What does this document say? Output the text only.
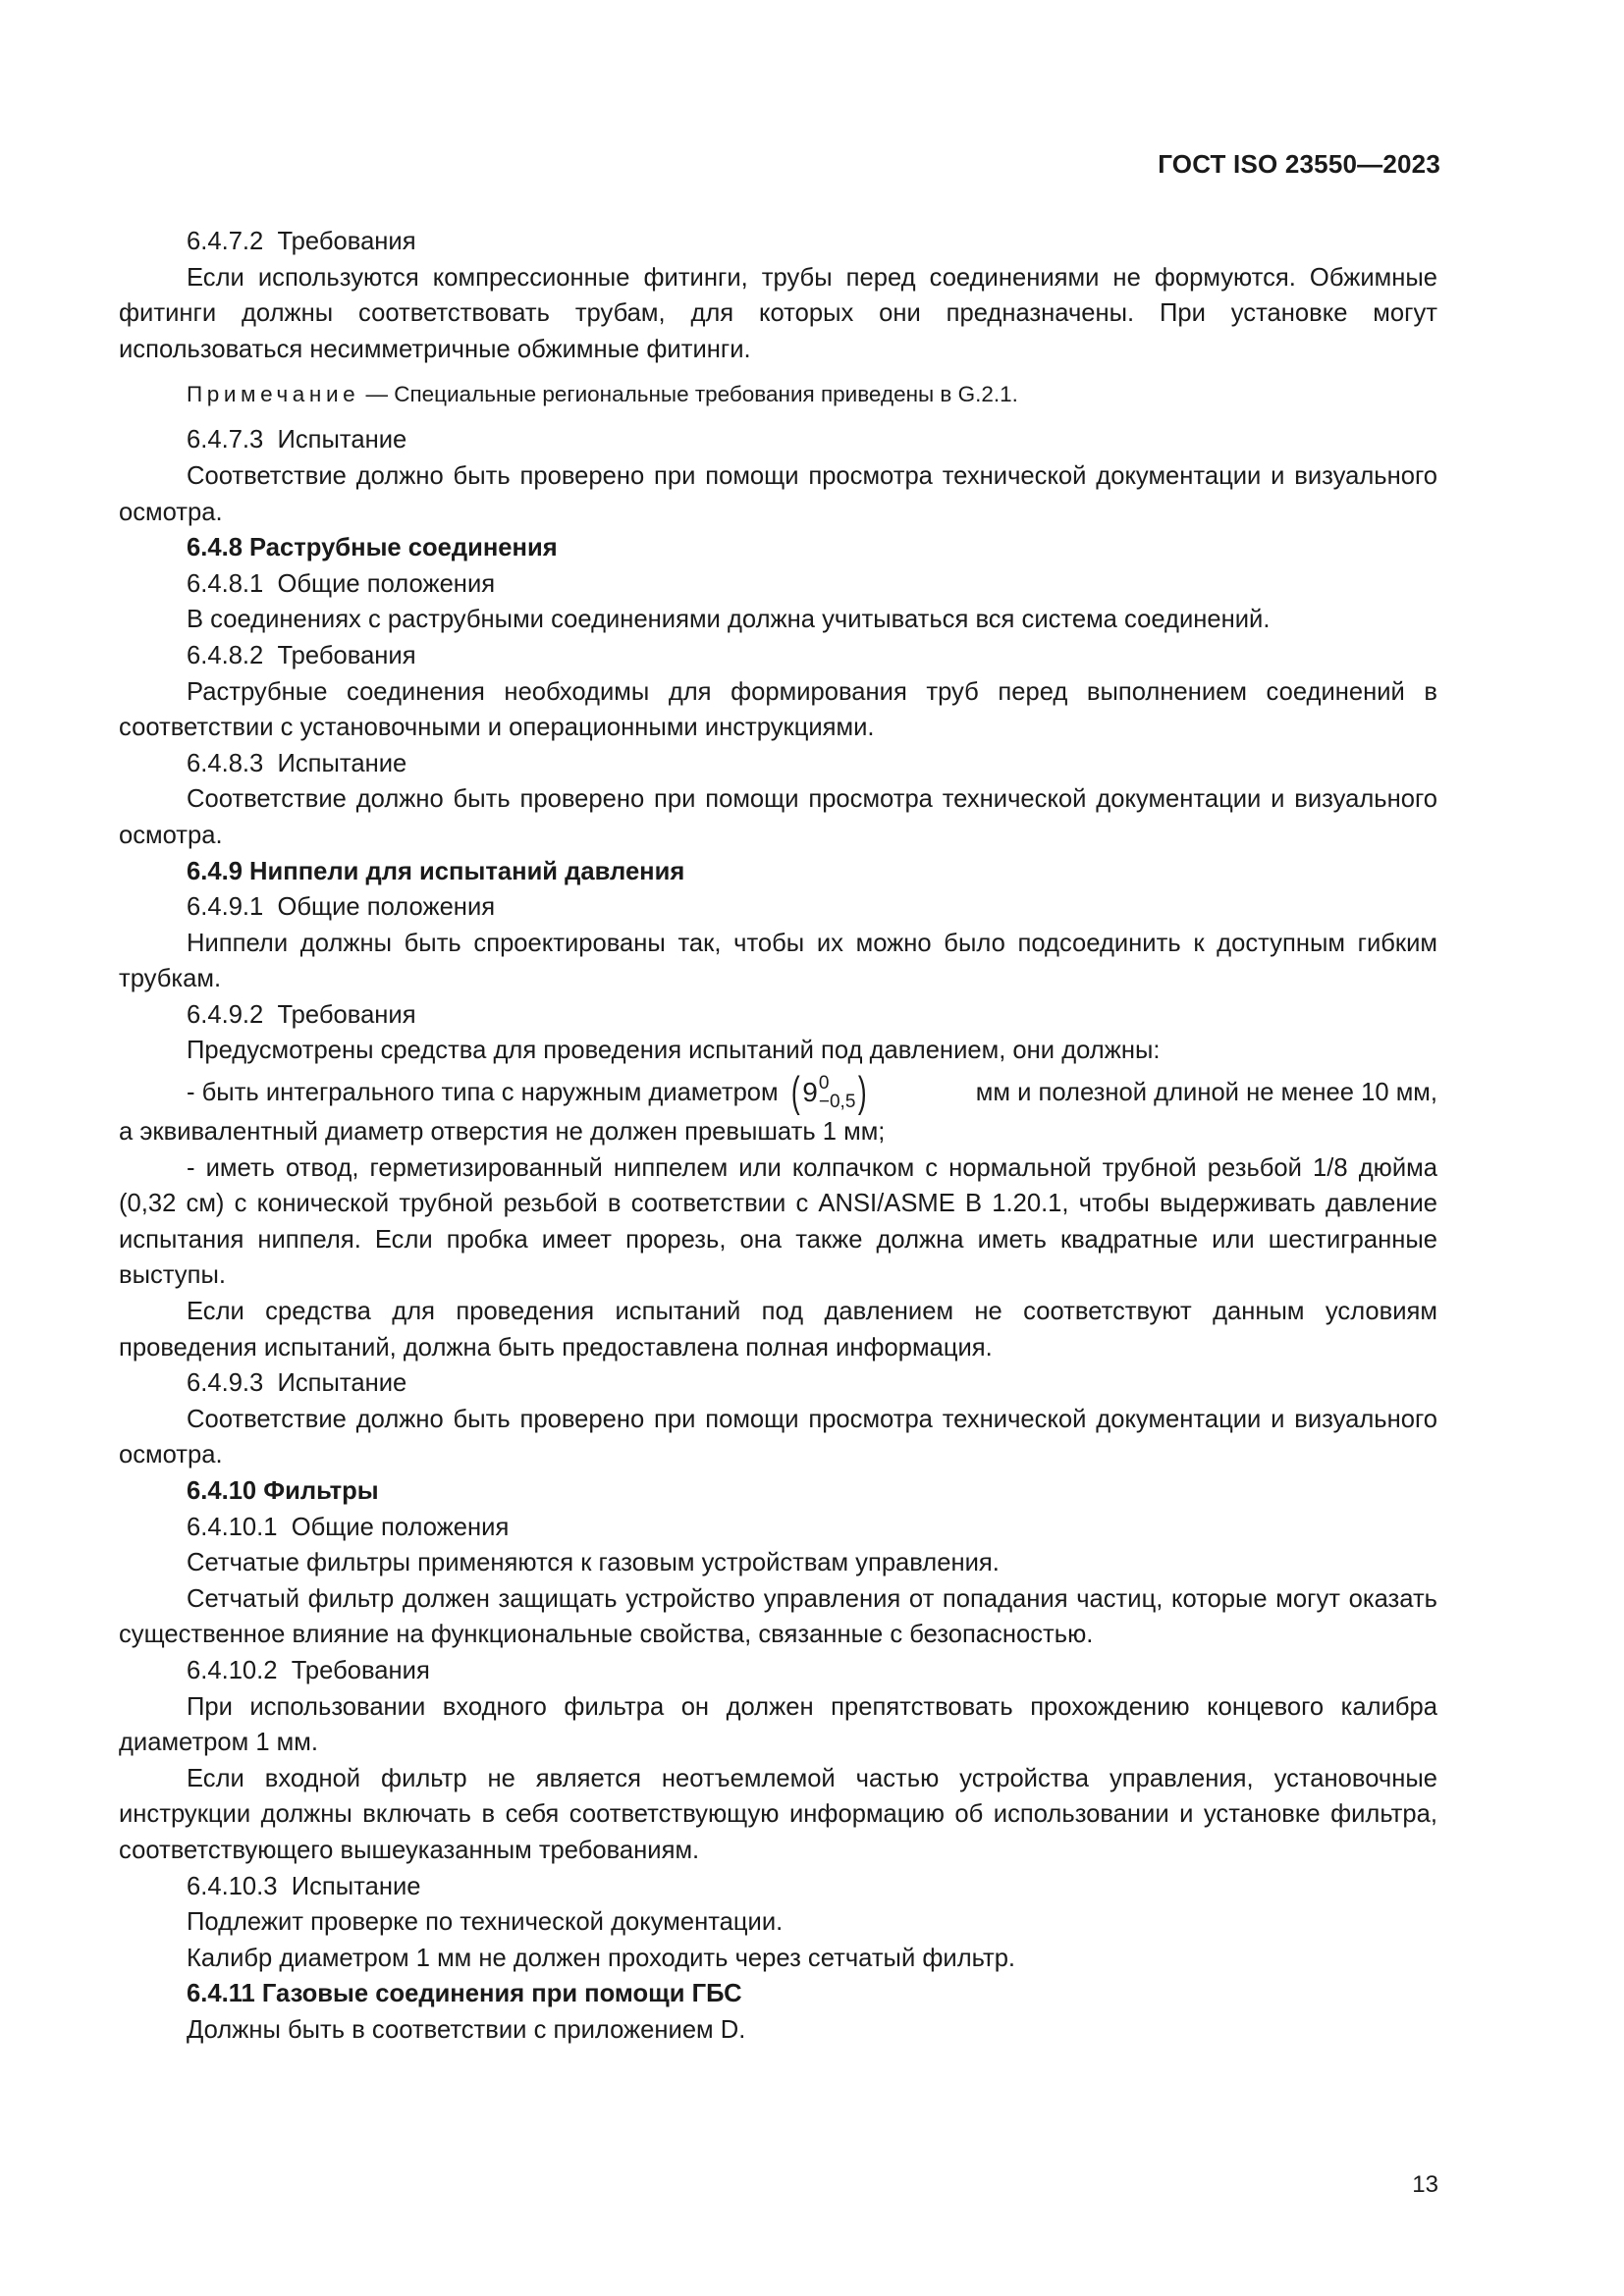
ГОСТ ISO 23550—2023

6.4.7.2  Требования

Если используются компрессионные фитинги, трубы перед соединениями не формуются. Обжимные фитинги должны соответствовать трубам, для которых они предназначены. При установке могут использоваться несимметричные обжимные фитинги.

Примечание — Специальные региональные требования приведены в G.2.1.

6.4.7.3  Испытание

Соответствие должно быть проверено при помощи просмотра технической документации и визуального осмотра.

6.4.8 Раструбные соединения

6.4.8.1  Общие положения

В соединениях с раструбными соединениями должна учитываться вся система соединений.

6.4.8.2  Требования

Раструбные соединения необходимы для формирования труб перед выполнением соединений в соответствии с установочными и операционными инструкциями.

6.4.8.3  Испытание

Соответствие должно быть проверено при помощи просмотра технической документации и визуального осмотра.

6.4.9 Ниппели для испытаний давления

6.4.9.1  Общие положения

Ниппели должны быть спроектированы так, чтобы их можно было подсоединить к доступным гибким трубкам.

6.4.9.2  Требования

Предусмотрены средства для проведения испытаний под давлением, они должны:

- быть интегрального типа с наружным диаметром ( 9 0
−0,5 )	мм и полезной длиной не менее 10 мм,

а эквивалентный диаметр отверстия не должен превышать 1 мм;

- иметь отвод, герметизированный ниппелем или колпачком с нормальной трубной резьбой 1/8 дюйма (0,32 см) с конической трубной резьбой в соответствии с ANSI/ASME B 1.20.1, чтобы выдерживать давление испытания ниппеля. Если пробка имеет прорезь, она также должна иметь квадратные или шестигранные выступы.

Если средства для проведения испытаний под давлением не соответствуют данным условиям проведения испытаний, должна быть предоставлена полная информация.

6.4.9.3  Испытание

Соответствие должно быть проверено при помощи просмотра технической документации и визуального осмотра.

6.4.10 Фильтры

6.4.10.1  Общие положения

Сетчатые фильтры применяются к газовым устройствам управления.

Сетчатый фильтр должен защищать устройство управления от попадания частиц, которые могут оказать существенное влияние на функциональные свойства, связанные с безопасностью.

6.4.10.2  Требования

При использовании входного фильтра он должен препятствовать прохождению концевого калибра диаметром 1 мм.

Если входной фильтр не является неотъемлемой частью устройства управления, установочные инструкции должны включать в себя соответствующую информацию об использовании и установке фильтра, соответствующего вышеуказанным требованиям.

6.4.10.3  Испытание

Подлежит проверке по технической документации.

Калибр диаметром 1 мм не должен проходить через сетчатый фильтр.

6.4.11 Газовые соединения при помощи ГБС

Должны быть в соответствии с приложением D.

13
